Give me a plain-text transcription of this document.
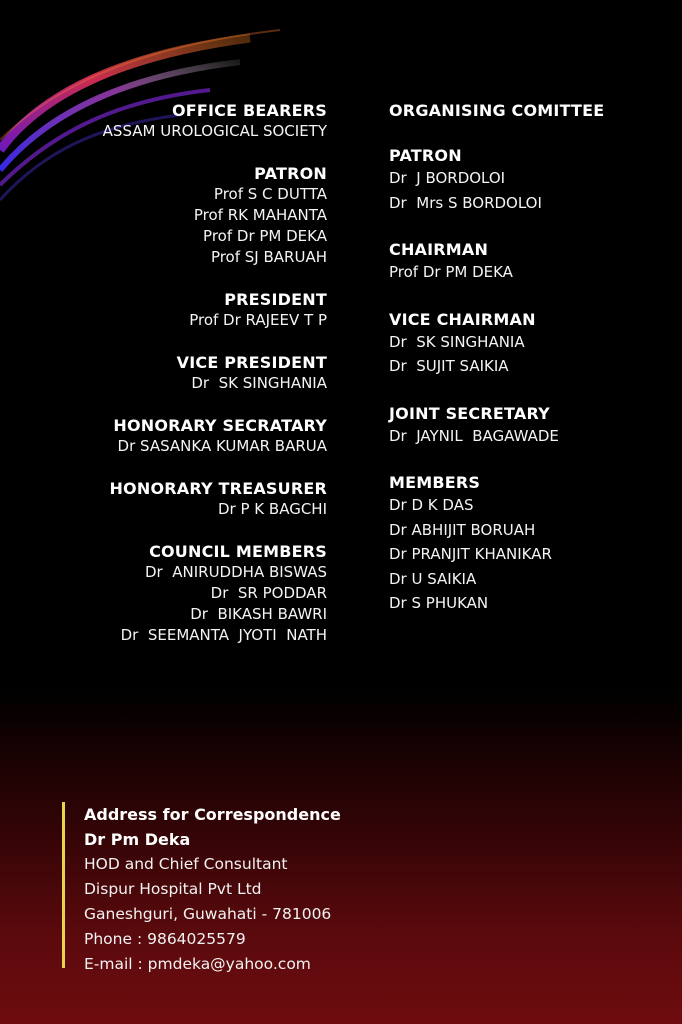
OFFICE BEARERS
ASSAM UROLOGICAL SOCIETY
PATRON
Prof S C DUTTA
Prof RK MAHANTA
Prof Dr PM DEKA
Prof SJ BARUAH
PRESIDENT
Prof Dr RAJEEV T P
VICE PRESIDENT
Dr  SK SINGHANIA
HONORARY SECRATARY
Dr SASANKA KUMAR BARUA
HONORARY TREASURER
Dr P K BAGCHI
COUNCIL MEMBERS
Dr  ANIRUDDHA BISWAS
Dr  SR PODDAR
Dr  BIKASH BAWRI
Dr  SEEMANTA  JYOTI  NATH
ORGANISING COMITTEE
PATRON
Dr  J BORDOLOI
Dr  Mrs S BORDOLOI
CHAIRMAN
Prof Dr PM DEKA
VICE CHAIRMAN
Dr  SK SINGHANIA
Dr  SUJIT SAIKIA
JOINT SECRETARY
Dr  JAYNIL  BAGAWADE
MEMBERS
Dr D K DAS
Dr ABHIJIT BORUAH
Dr PRANJIT KHANIKAR
Dr U SAIKIA
Dr S PHUKAN
Address for Correspondence
Dr Pm Deka
HOD and Chief Consultant
Dispur Hospital Pvt Ltd
Ganeshguri, Guwahati - 781006
Phone : 9864025579
E-mail : pmdeka@yahoo.com
